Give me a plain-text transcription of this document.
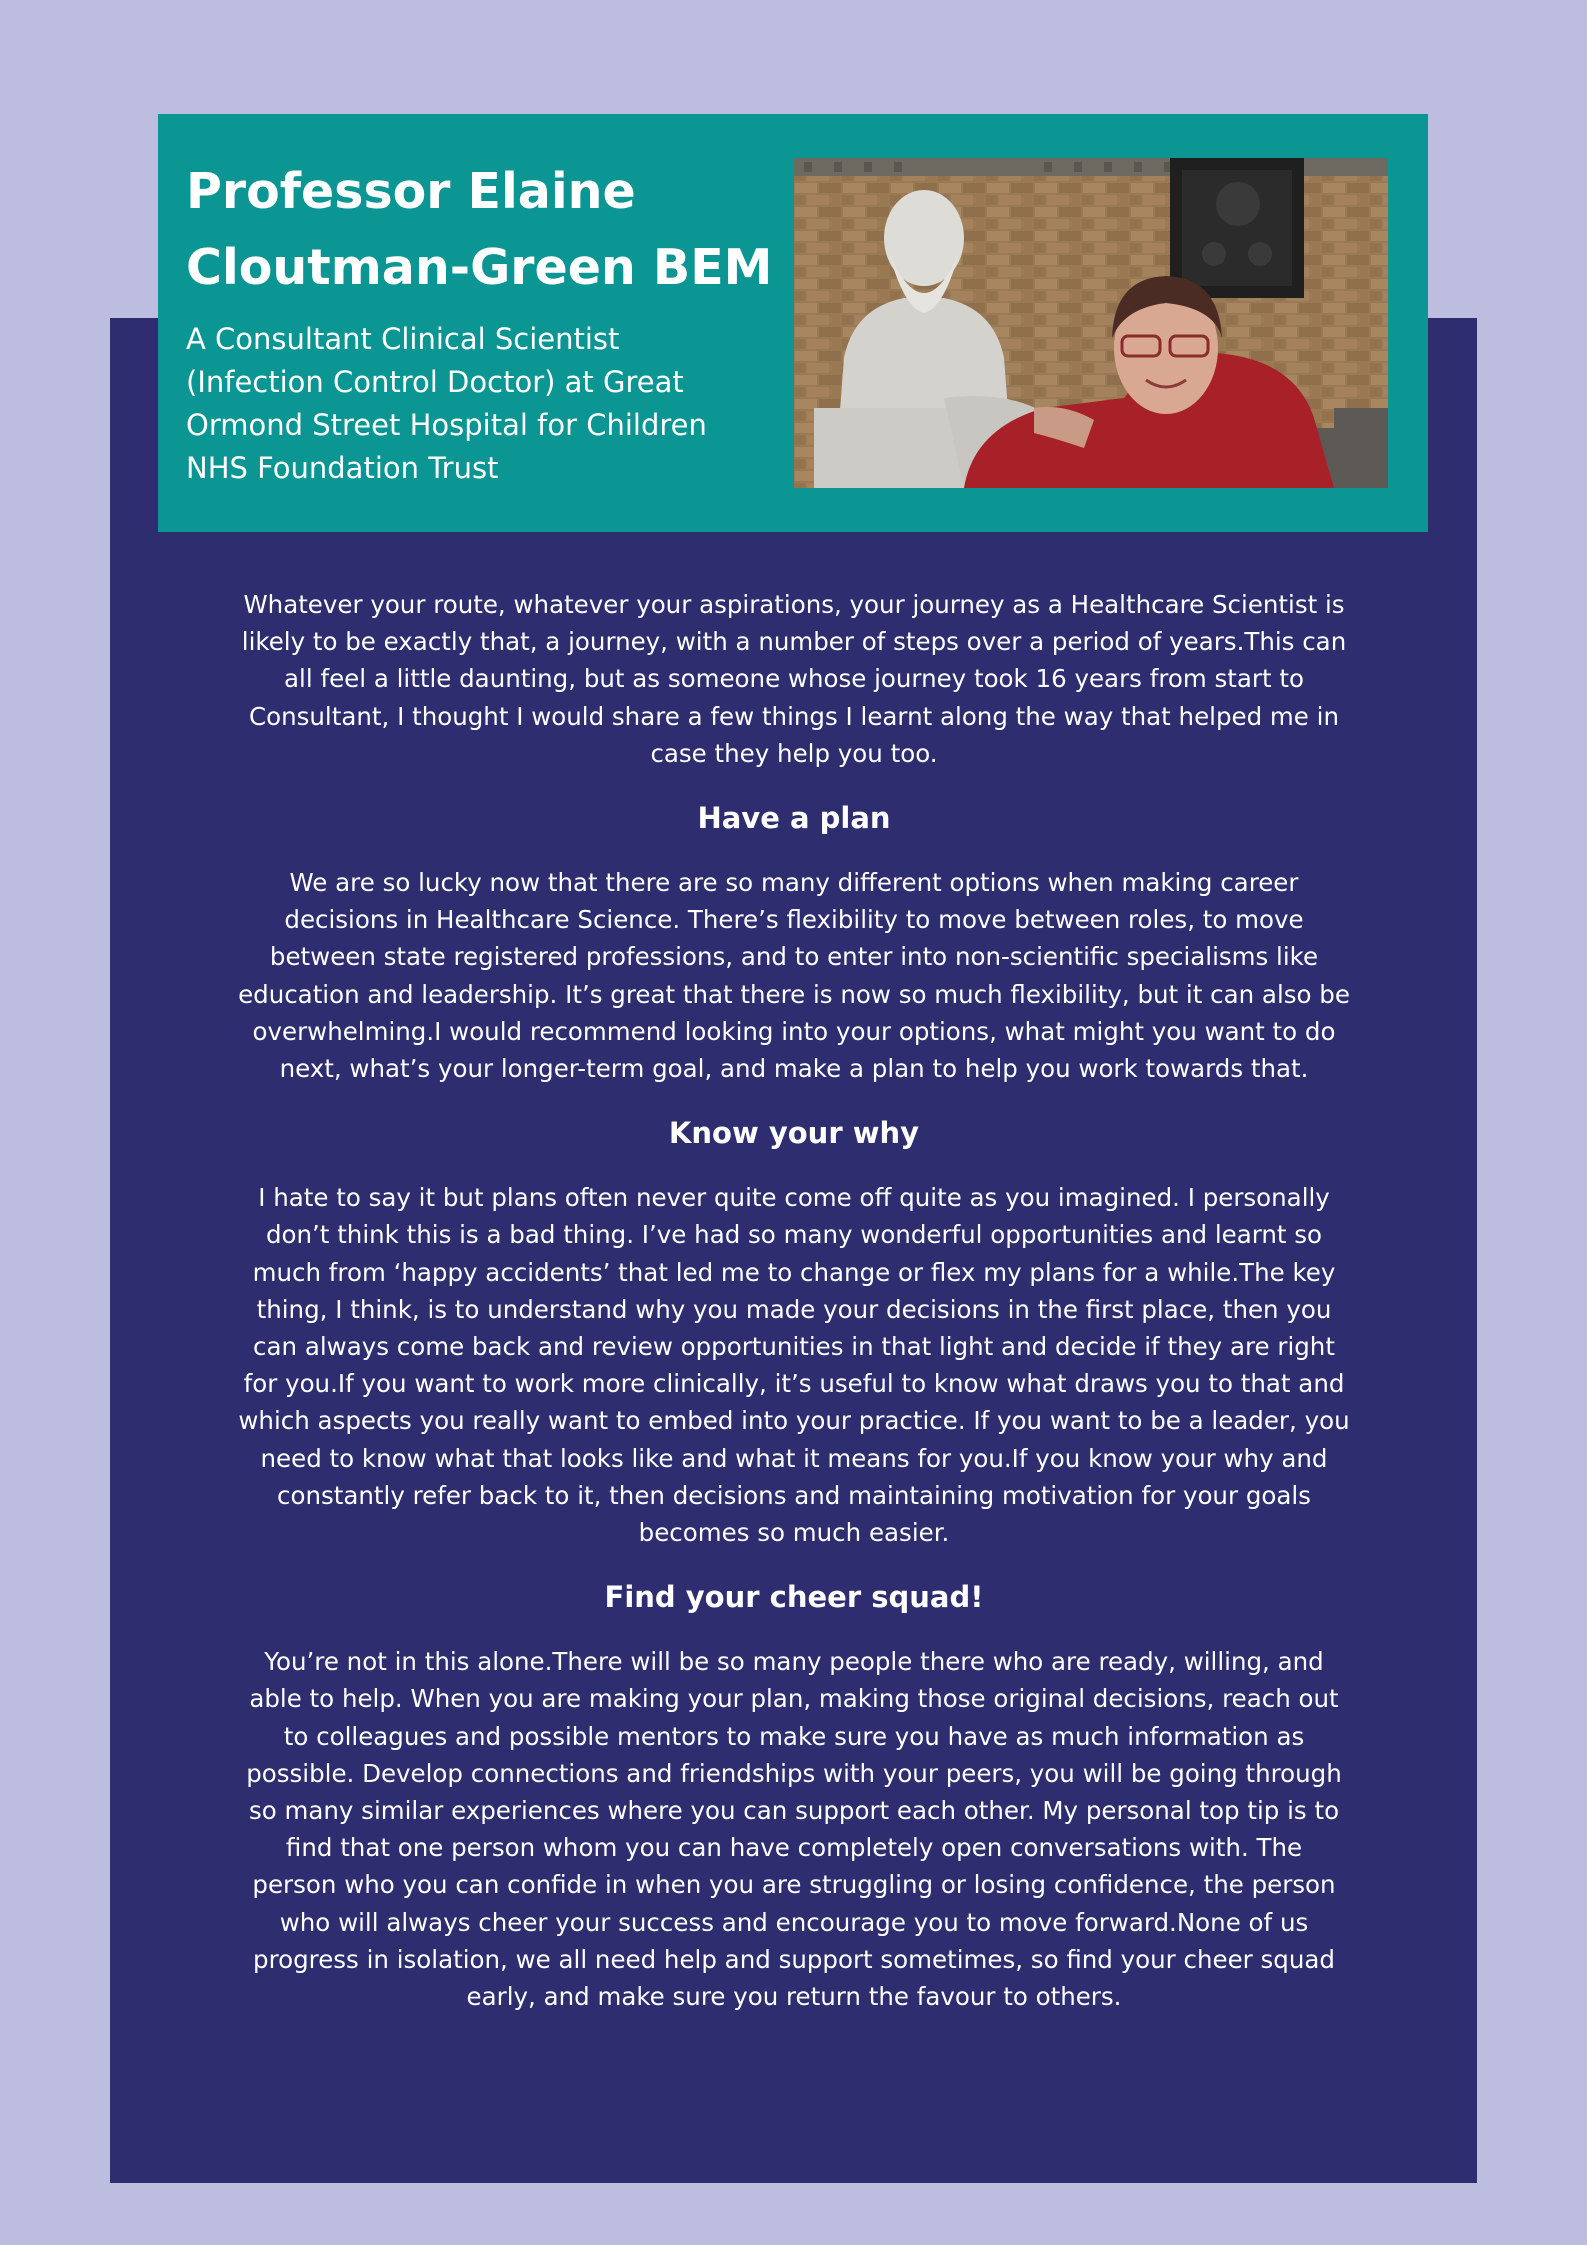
Professor Elaine
Cloutman-Green BEM

A Consultant Clinical Scientist
(Infection Control Doctor) at Great
Ormond Street Hospital for Children
NHS Foundation Trust

Whatever your route, whatever your aspirations, your journey as a Healthcare Scientist is
likely to be exactly that, a journey, with a number of steps over a period of years.This can
all feel a little daunting, but as someone whose journey took 16 years from start to
Consultant, I thought I would share a few things I learnt along the way that helped me in
case they help you too.

Have a plan

We are so lucky now that there are so many different options when making career
decisions in Healthcare Science. There’s flexibility to move between roles, to move
between state registered professions, and to enter into non-scientific specialisms like
education and leadership. It’s great that there is now so much flexibility, but it can also be
overwhelming.I would recommend looking into your options, what might you want to do
next, what’s your longer-term goal, and make a plan to help you work towards that.

Know your why

I hate to say it but plans often never quite come off quite as you imagined. I personally
don’t think this is a bad thing. I’ve had so many wonderful opportunities and learnt so
much from ‘happy accidents’ that led me to change or flex my plans for a while.The key
thing, I think, is to understand why you made your decisions in the first place, then you
can always come back and review opportunities in that light and decide if they are right
for you.If you want to work more clinically, it’s useful to know what draws you to that and
which aspects you really want to embed into your practice. If you want to be a leader, you
need to know what that looks like and what it means for you.If you know your why and
constantly refer back to it, then decisions and maintaining motivation for your goals
becomes so much easier.

Find your cheer squad!

You’re not in this alone.There will be so many people there who are ready, willing, and
able to help. When you are making your plan, making those original decisions, reach out
to colleagues and possible mentors to make sure you have as much information as
possible. Develop connections and friendships with your peers, you will be going through
so many similar experiences where you can support each other. My personal top tip is to
find that one person whom you can have completely open conversations with. The
person who you can confide in when you are struggling or losing confidence, the person
who will always cheer your success and encourage you to move forward.None of us
progress in isolation, we all need help and support sometimes, so find your cheer squad
early, and make sure you return the favour to others.
